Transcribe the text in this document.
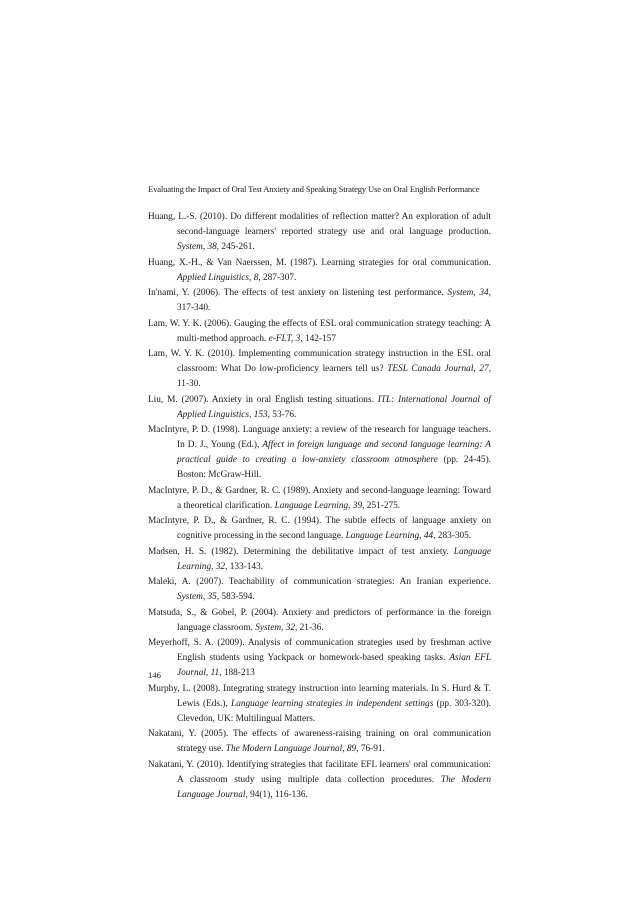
Evaluating the Impact of Oral Test Anxiety and Speaking Strategy Use on Oral English Performance
Huang, L.-S. (2010). Do different modalities of reflection matter? An exploration of adult second-language learners' reported strategy use and oral language production. System, 38, 245-261.
Huang, X.-H., & Van Naerssen, M. (1987). Learning strategies for oral communication. Applied Linguistics, 8, 287-307.
In'nami, Y. (2006). The effects of test anxiety on listening test performance. System, 34, 317-340.
Lam, W. Y. K. (2006). Gauging the effects of ESL oral communication strategy teaching: A multi-method approach. e-FLT, 3, 142-157
Lam, W. Y. K. (2010). Implementing communication strategy instruction in the ESL oral classroom: What Do low-proficiency learners tell us? TESL Canada Journal, 27, 11-30.
Liu, M. (2007). Anxiety in oral English testing situations. ITL: International Journal of Applied Linguistics, 153, 53-76.
MacIntyre, P. D. (1998). Language anxiety: a review of the research for language teachers. In D. J., Young (Ed.), Affect in foreign language and second language learning: A practical guide to creating a low-anxiety classroom atmosphere (pp. 24-45). Boston: McGraw-Hill.
MacIntyre, P. D., & Gardner, R. C. (1989). Anxiety and second-language learning: Toward a theoretical clarification. Language Learning, 39, 251-275.
MacIntyre, P. D., & Gardner, R. C. (1994). The subtle effects of language anxiety on cognitive processing in the second language. Language Learning, 44, 283-305.
Madsen, H. S. (1982). Determining the debilitative impact of test anxiety. Language Learning, 32, 133-143.
Maleki, A. (2007). Teachability of communication strategies: An Iranian experience. System, 35, 583-594.
Matsuda, S., & Gobel, P. (2004). Anxiety and predictors of performance in the foreign language classroom. System, 32, 21-36.
Meyerhoff, S. A. (2009). Analysis of communication strategies used by freshman active English students using Yackpack or homework-based speaking tasks. Asian EFL Journal, 11, 188-213
Murphy, L. (2008). Integrating strategy instruction into learning materials. In S. Hurd & T. Lewis (Eds.), Language learning strategies in independent settings (pp. 303-320). Clevedon, UK: Multilingual Matters.
Nakatani, Y. (2005). The effects of awareness-raising training on oral communication strategy use. The Modern Language Journal, 89, 76-91.
Nakatani, Y. (2010). Identifying strategies that facilitate EFL learners' oral communication: A classroom study using multiple data collection procedures. The Modern Language Journal, 94(1), 116-136.
146
